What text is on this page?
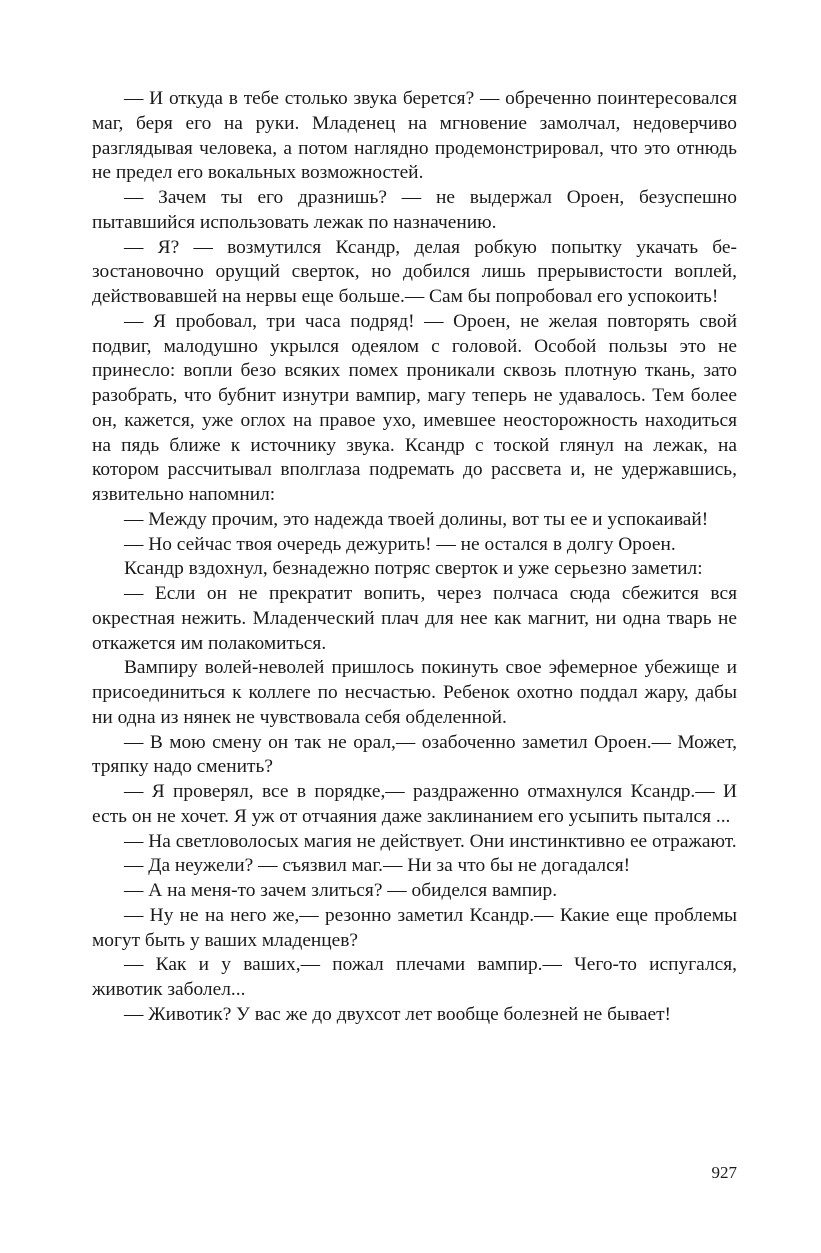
— И откуда в тебе столько звука берется? — обреченно поинтересовался маг, беря его на руки. Младенец на мгновение замолчал, недоверчиво разглядывая человека, а потом наглядно продемонстрировал, что это отнюдь не предел его вокальных возможностей.

— Зачем ты его дразнишь? — не выдержал Ороен, безуспешно пытавшийся использовать лежак по назначению.

— Я? — возмутился Ксандр, делая робкую попытку укачать безостановочно орущий сверток, но добился лишь прерывистости воплей, действовавшей на нервы еще больше.— Сам бы попробовал его успокоить!

— Я пробовал, три часа подряд! — Ороен, не желая повторять свой подвиг, малодушно укрылся одеялом с головой. Особой пользы это не принесло: вопли безо всяких помех проникали сквозь плотную ткань, зато разобрать, что бубнит изнутри вампир, магу теперь не удавалось. Тем более он, кажется, уже оглох на правое ухо, имевшее неосторожность находиться на пядь ближе к источнику звука. Ксандр с тоской глянул на лежак, на котором рассчитывал вполглаза подремать до рассвета и, не удержавшись, язвительно напомнил:

— Между прочим, это надежда твоей долины, вот ты ее и успокаивай!

— Но сейчас твоя очередь дежурить! — не остался в долгу Ороен.

Ксандр вздохнул, безнадежно потряс сверток и уже серьезно заметил:

— Если он не прекратит вопить, через полчаса сюда сбежится вся окрестная нежить. Младенческий плач для нее как магнит, ни одна тварь не откажется им полакомиться.

Вампиру волей-неволей пришлось покинуть свое эфемерное убежище и присоединиться к коллеге по несчастью. Ребенок охотно поддал жару, дабы ни одна из нянек не чувствовала себя обделенной.

— В мою смену он так не орал,— озабоченно заметил Ороен.— Может, тряпку надо сменить?

— Я проверял, все в порядке,— раздраженно отмахнулся Ксандр.— И есть он не хочет. Я уж от отчаяния даже заклинанием его усыпить пытался ...

— На светловолосых магия не действует. Они инстинктивно ее отражают.

— Да неужели? — съязвил маг.— Ни за что бы не догадался!

— А на меня-то зачем злиться? — обиделся вампир.

— Ну не на него же,— резонно заметил Ксандр.— Какие еще проблемы могут быть у ваших младенцев?

— Как и у ваших,— пожал плечами вампир.— Чего-то испугался, животик заболел...

— Животик? У вас же до двухсот лет вообще болезней не бывает!

927
